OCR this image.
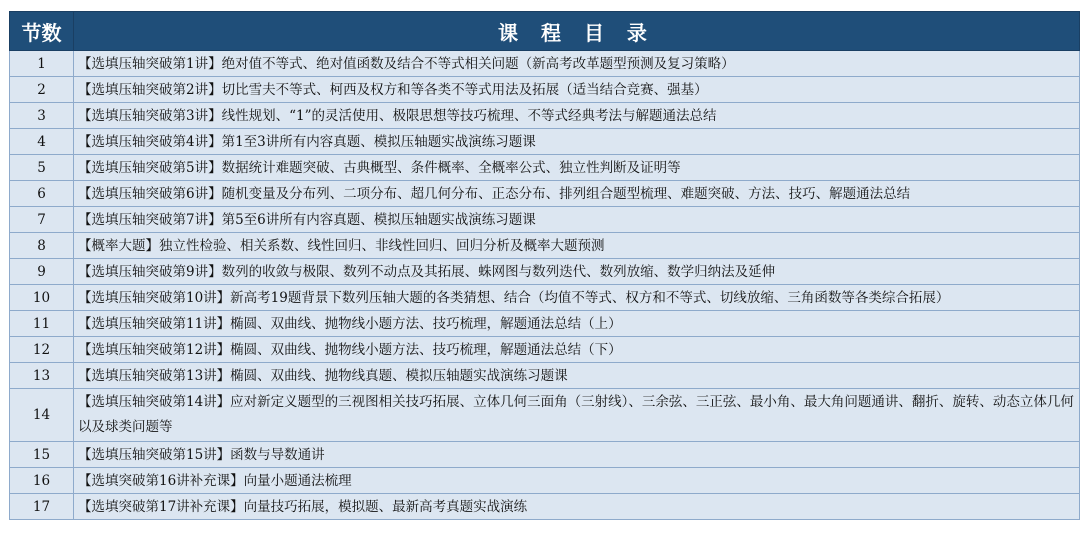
节数	课 程 目 录
1	【选填压轴突破第1讲】绝对值不等式、绝对值函数及结合不等式相关问题（新高考改革题型预测及复习策略）
2	【选填压轴突破第2讲】切比雪夫不等式、柯西及权方和等各类不等式用法及拓展（适当结合竞赛、强基）
3	【选填压轴突破第3讲】线性规划、“1”的灵活使用、极限思想等技巧梳理、不等式经典考法与解题通法总结
4	【选填压轴突破第4讲】第1至3讲所有内容真题、模拟压轴题实战演练习题课
5	【选填压轴突破第5讲】数据统计难题突破、古典概型、条件概率、全概率公式、独立性判断及证明等
6	【选填压轴突破第6讲】随机变量及分布列、二项分布、超几何分布、正态分布、排列组合题型梳理、难题突破、方法、技巧、解题通法总结
7	【选填压轴突破第7讲】第5至6讲所有内容真题、模拟压轴题实战演练习题课
8	【概率大题】独立性检验、相关系数、线性回归、非线性回归、回归分析及概率大题预测
9	【选填压轴突破第9讲】数列的收敛与极限、数列不动点及其拓展、蛛网图与数列迭代、数列放缩、数学归纳法及延伸
10	【选填压轴突破第10讲】新高考19题背景下数列压轴大题的各类猜想、结合（均值不等式、权方和不等式、切线放缩、三角函数等各类综合拓展）
11	【选填压轴突破第11讲】椭圆、双曲线、抛物线小题方法、技巧梳理，解题通法总结（上）
12	【选填压轴突破第12讲】椭圆、双曲线、抛物线小题方法、技巧梳理，解题通法总结（下）
13	【选填压轴突破第13讲】椭圆、双曲线、抛物线真题、模拟压轴题实战演练习题课
14	【选填压轴突破第14讲】应对新定义题型的三视图相关技巧拓展、立体几何三面角（三射线）、三余弦、三正弦、最小角、最大角问题通讲、翻折、旋转、动态立体几何以及球类问题等
15	【选填压轴突破第15讲】函数与导数通讲
16	【选填突破第16讲补充课】向量小题通法梳理
17	【选填突破第17讲补充课】向量技巧拓展，模拟题、最新高考真题实战演练
